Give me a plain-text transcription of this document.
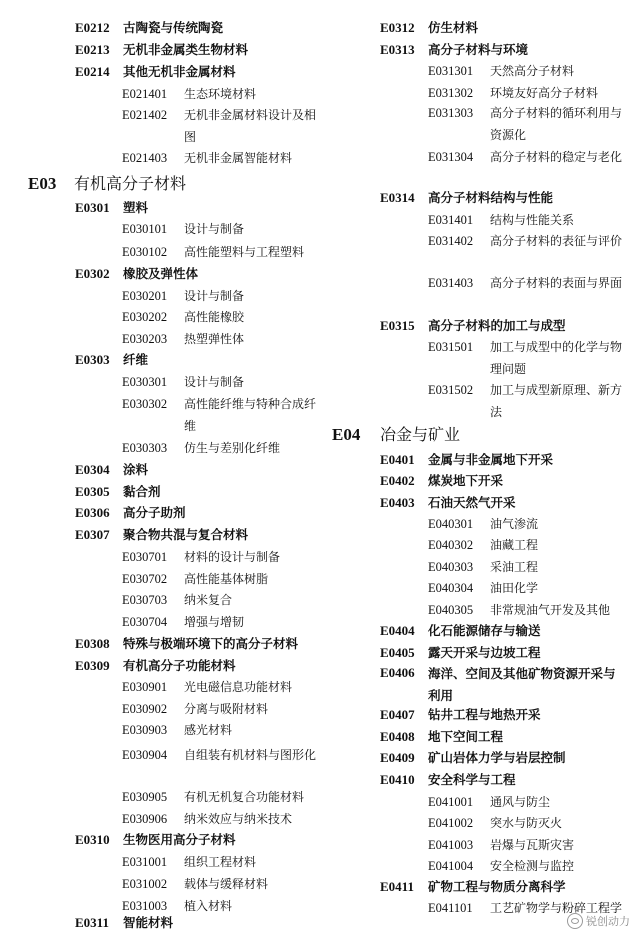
E0212 古陶瓷与传统陶瓷
E0213 无机非金属类生物材料
E0214 其他无机非金属材料
E021401 生态环境材料
E021402 无机非金属材料设计及相图
E021403 无机非金属智能材料
E03 有机高分子材料
E0301 塑料
E030101 设计与制备
E030102 高性能塑料与工程塑料
E0302 橡胶及弹性体
E030201 设计与制备
E030202 高性能橡胶
E030203 热塑弹性体
E0303 纤维
E030301 设计与制备
E030302 高性能纤维与特种合成纤维
E030303 仿生与差别化纤维
E0304 涂料
E0305 黏合剂
E0306 高分子助剂
E0307 聚合物共混与复合材料
E030701 材料的设计与制备
E030702 高性能基体树脂
E030703 纳米复合
E030704 增强与增韧
E0308 特殊与极端环境下的高分子材料
E0309 有机高分子功能材料
E030901 光电磁信息功能材料
E030902 分离与吸附材料
E030903 感光材料
E030904 自组装有机材料与图形化
E030905 有机无机复合功能材料
E030906 纳米效应与纳米技术
E0310 生物医用高分子材料
E031001 组织工程材料
E031002 载体与缓释材料
E031003 植入材料
E0311 智能材料
E0312 仿生材料
E0313 高分子材料与环境
E031301 天然高分子材料
E031302 环境友好高分子材料
E031303 高分子材料的循环利用与资源化
E031304 高分子材料的稳定与老化
E0314 高分子材料结构与性能
E031401 结构与性能关系
E031402 高分子材料的表征与评价
E031403 高分子材料的表面与界面
E0315 高分子材料的加工与成型
E031501 加工与成型中的化学与物理问题
E031502 加工与成型新原理、新方法
E04 冶金与矿业
E0401 金属与非金属地下开采
E0402 煤炭地下开采
E0403 石油天然气开采
E040301 油气渗流
E040302 油藏工程
E040303 采油工程
E040304 油田化学
E040305 非常规油气开发及其他
E0404 化石能源储存与输送
E0405 露天开采与边坡工程
E0406 海洋、空间及其他矿物资源开采与利用
E0407 钻井工程与地热开采
E0408 地下空间工程
E0409 矿山岩体力学与岩层控制
E0410 安全科学与工程
E041001 通风与防尘
E041002 突水与防灭火
E041003 岩爆与瓦斯灾害
E041004 安全检测与监控
E0411 矿物工程与物质分离科学
E041101 工艺矿物学与粉碎工程学
锐创动力
